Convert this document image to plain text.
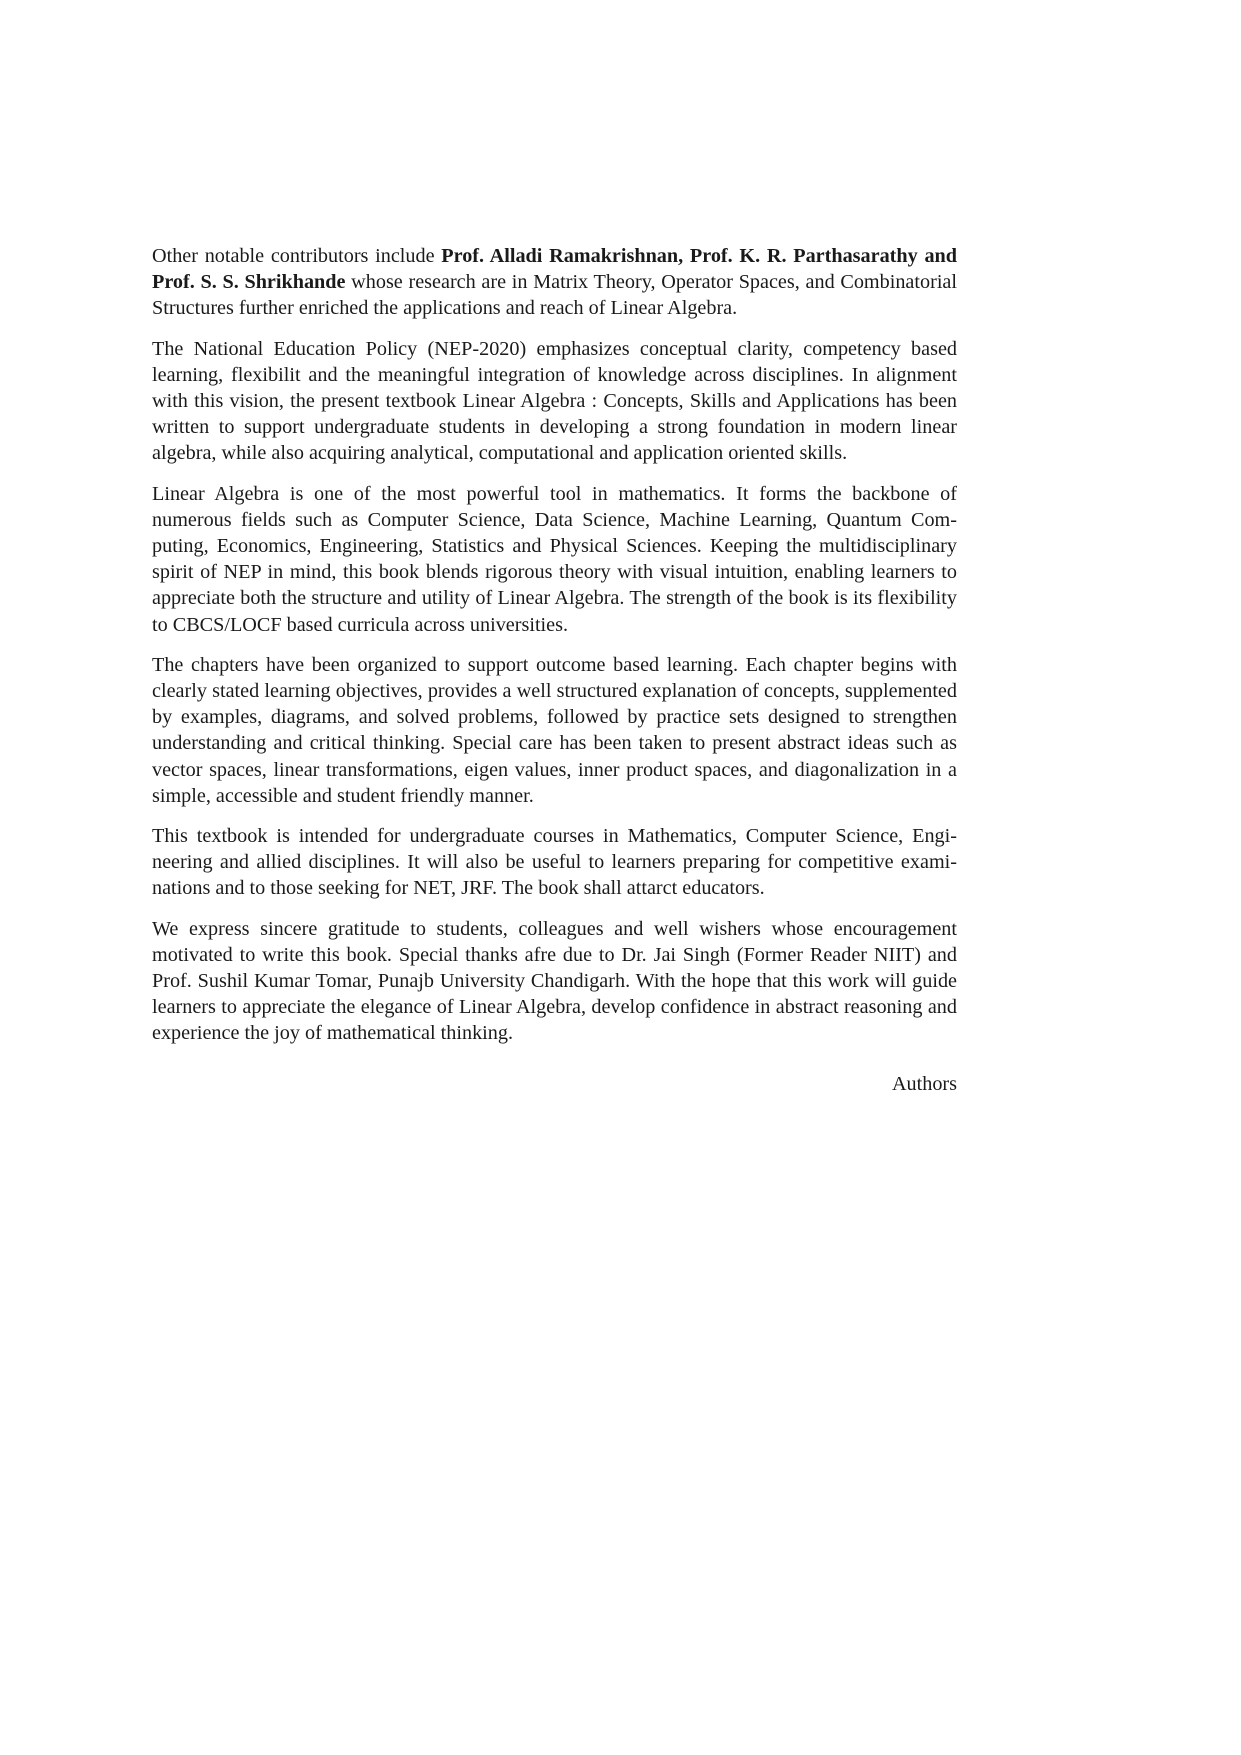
Other notable contributors include Prof. Alladi Ramakrishnan, Prof. K. R. Parthasarathy and Prof. S. S. Shrikhande whose research are in Matrix Theory, Operator Spaces, and Combinatorial Structures further enriched the applications and reach of Linear Algebra.

The National Education Policy (NEP-2020) emphasizes conceptual clarity, competency based learning, flexibilit and the meaningful integration of knowledge across disciplines. In alignment with this vision, the present textbook Linear Algebra : Concepts, Skills and Applications has been written to support undergraduate students in developing a strong foundation in modern linear algebra, while also acquiring analytical, computational and application oriented skills.

Linear Algebra is one of the most powerful tool in mathematics. It forms the backbone of numerous fields such as Computer Science, Data Science, Machine Learning, Quantum Computing, Economics, Engineering, Statistics and Physical Sciences. Keeping the multidisciplinary spirit of NEP in mind, this book blends rigorous theory with visual intuition, enabling learners to appreciate both the structure and utility of Linear Algebra. The strength of the book is its flexibility to CBCS/LOCF based curricula across universities.

The chapters have been organized to support outcome based learning. Each chapter begins with clearly stated learning objectives, provides a well structured explanation of concepts, supplemented by examples, diagrams, and solved problems, followed by practice sets designed to strengthen understanding and critical thinking. Special care has been taken to present abstract ideas such as vector spaces, linear transformations, eigen values, inner product spaces, and diagonalization in a simple, accessible and student friendly manner.

This textbook is intended for undergraduate courses in Mathematics, Computer Science, Engineering and allied disciplines. It will also be useful to learners preparing for competitive examinations and to those seeking for NET, JRF. The book shall attarct educators.

We express sincere gratitude to students, colleagues and well wishers whose encouragement motivated to write this book. Special thanks afre due to Dr. Jai Singh (Former Reader NIIT) and Prof. Sushil Kumar Tomar, Punajb University Chandigarh. With the hope that this work will guide learners to appreciate the elegance of Linear Algebra, develop confidence in abstract reasoning and experience the joy of mathematical thinking.

Authors
